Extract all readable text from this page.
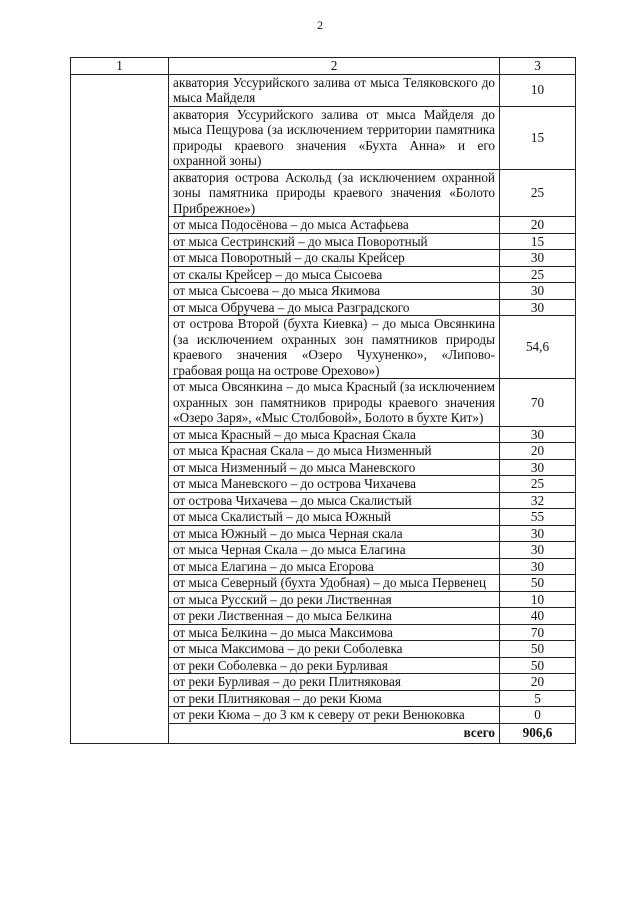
2
1	2	3
	акватория Уссурийского залива от мыса Теляковского до мыса Майделя	10
	акватория Уссурийского залива от мыса Майделя до мыса Пещурова (за исключением территории памятника природы краевого значения «Бухта Анна» и его охранной зоны)	15
	акватория острова Аскольд (за исключением охранной зоны памятника природы краевого значения «Болото Прибрежное»)	25
	от мыса Подосёнова – до мыса Астафьева	20
	от мыса Сестринский – до мыса Поворотный	15
	от мыса Поворотный – до скалы Крейсер	30
	от скалы Крейсер – до мыса Сысоева	25
	от мыса Сысоева – до мыса Якимова	30
	от мыса Обручева – до мыса Разградского	30
	от острова Второй (бухта Киевка) – до мыса Овсянкина (за исключением охранных зон памятников природы краевого значения «Озеро Чухуненко», «Липово-грабовая роща на острове Орехово»)	54,6
	от мыса Овсянкина – до мыса Красный (за исключением охранных зон памятников природы краевого значения «Озеро Заря», «Мыс Столбовой», Болото в бухте Кит»)	70
	от мыса Красный – до мыса Красная Скала	30
	от мыса Красная Скала – до мыса Низменный	20
	от мыса Низменный – до мыса Маневского	30
	от мыса Маневского – до острова Чихачева	25
	от острова Чихачева – до мыса Скалистый	32
	от мыса Скалистый – до мыса Южный	55
	от мыса Южный – до мыса Черная скала	30
	от мыса Черная Скала – до мыса Елагина	30
	от мыса Елагина – до мыса Егорова	30
	от мыса Северный (бухта Удобная) – до мыса Первенец	50
	от мыса Русский – до реки Лиственная	10
	от реки Лиственная – до мыса Белкина	40
	от мыса Белкина – до мыса Максимова	70
	от мыса Максимова – до реки Соболевка	50
	от реки Соболевка – до реки Бурливая	50
	от реки Бурливая – до реки Плитняковая	20
	от реки Плитняковая – до реки Кюма	5
	от реки Кюма – до 3 км к северу от реки Венюковка	0
	всего	906,6
